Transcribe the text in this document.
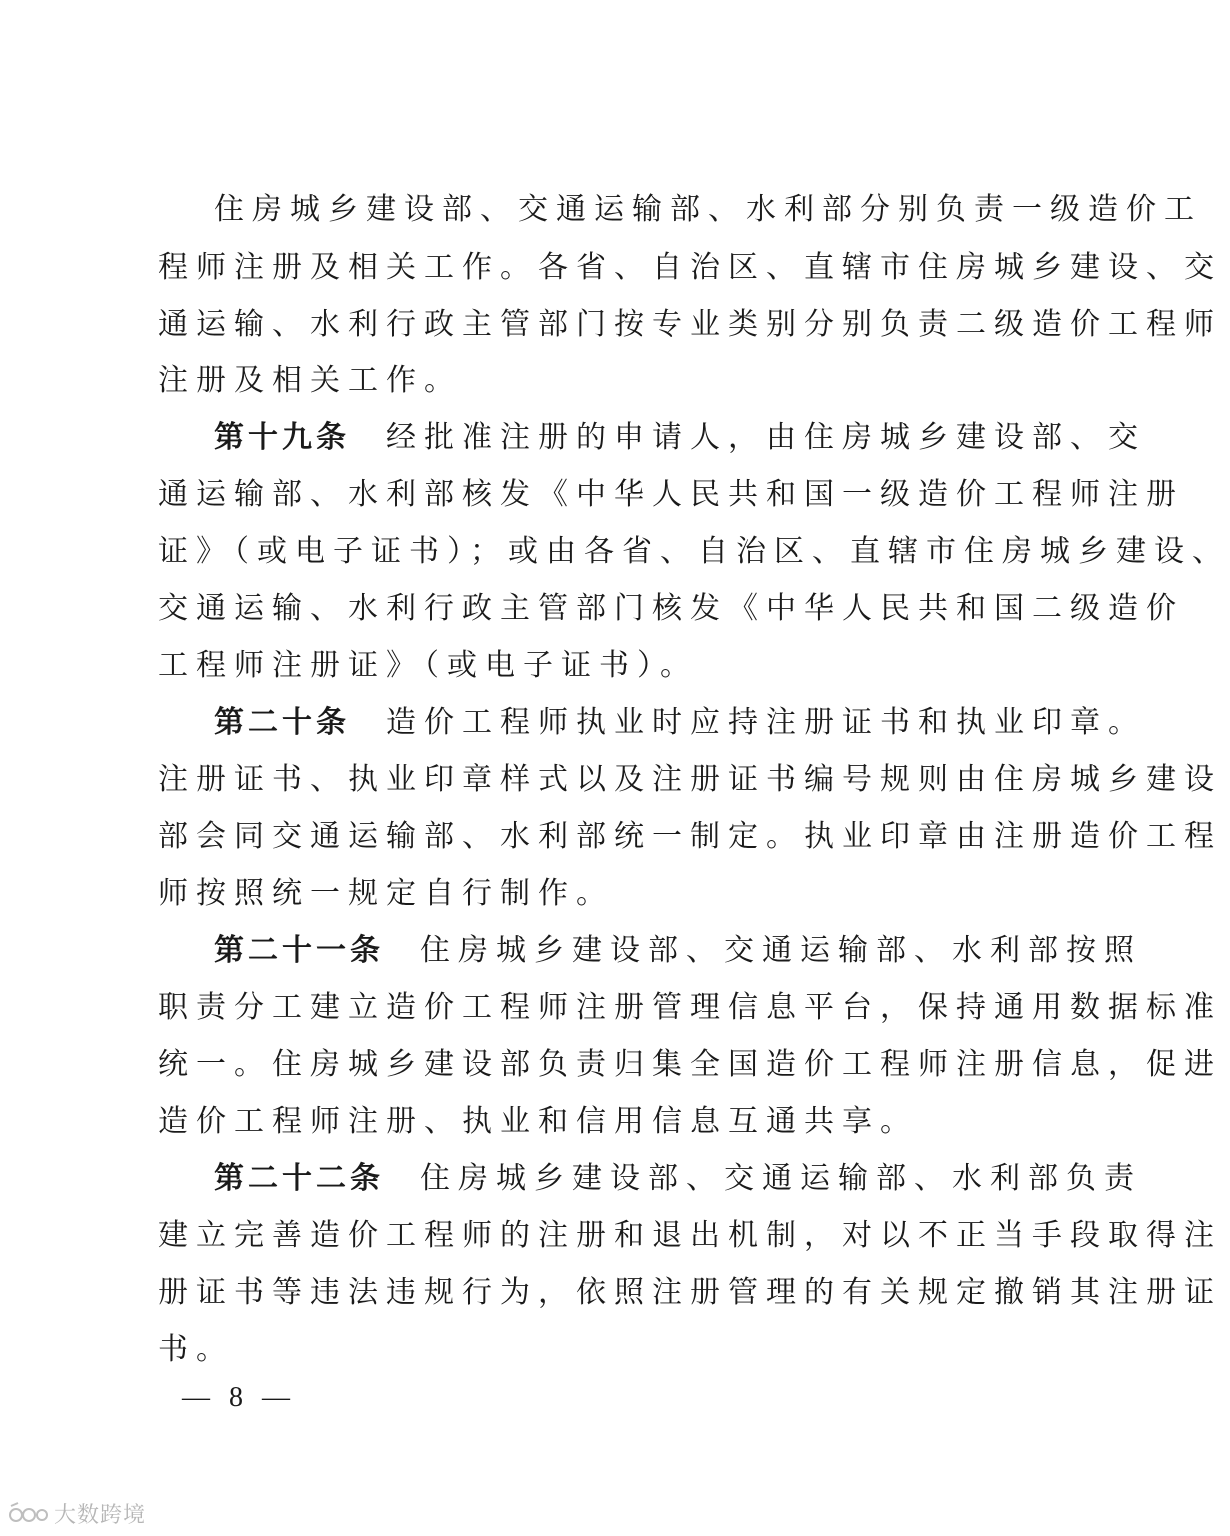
住房城乡建设部、交通运输部、水利部分别负责一级造价工
程师注册及相关工作。各省、自治区、直辖市住房城乡建设、交
通运输、水利行政主管部门按专业类别分别负责二级造价工程师
注册及相关工作。
第十九条 经批准注册的申请人，由住房城乡建设部、交
通运输部、水利部核发《中华人民共和国一级造价工程师注册
证》（或电子证书）；或由各省、自治区、直辖市住房城乡建设、
交通运输、水利行政主管部门核发《中华人民共和国二级造价
工程师注册证》（或电子证书）。
第二十条 造价工程师执业时应持注册证书和执业印章。
注册证书、执业印章样式以及注册证书编号规则由住房城乡建设
部会同交通运输部、水利部统一制定。执业印章由注册造价工程
师按照统一规定自行制作。
第二十一条 住房城乡建设部、交通运输部、水利部按照
职责分工建立造价工程师注册管理信息平台，保持通用数据标准
统一。住房城乡建设部负责归集全国造价工程师注册信息，促进
造价工程师注册、执业和信用信息互通共享。
第二十二条 住房城乡建设部、交通运输部、水利部负责
建立完善造价工程师的注册和退出机制，对以不正当手段取得注
册证书等违法违规行为，依照注册管理的有关规定撤销其注册证
书。
— 8 —
大数跨境
